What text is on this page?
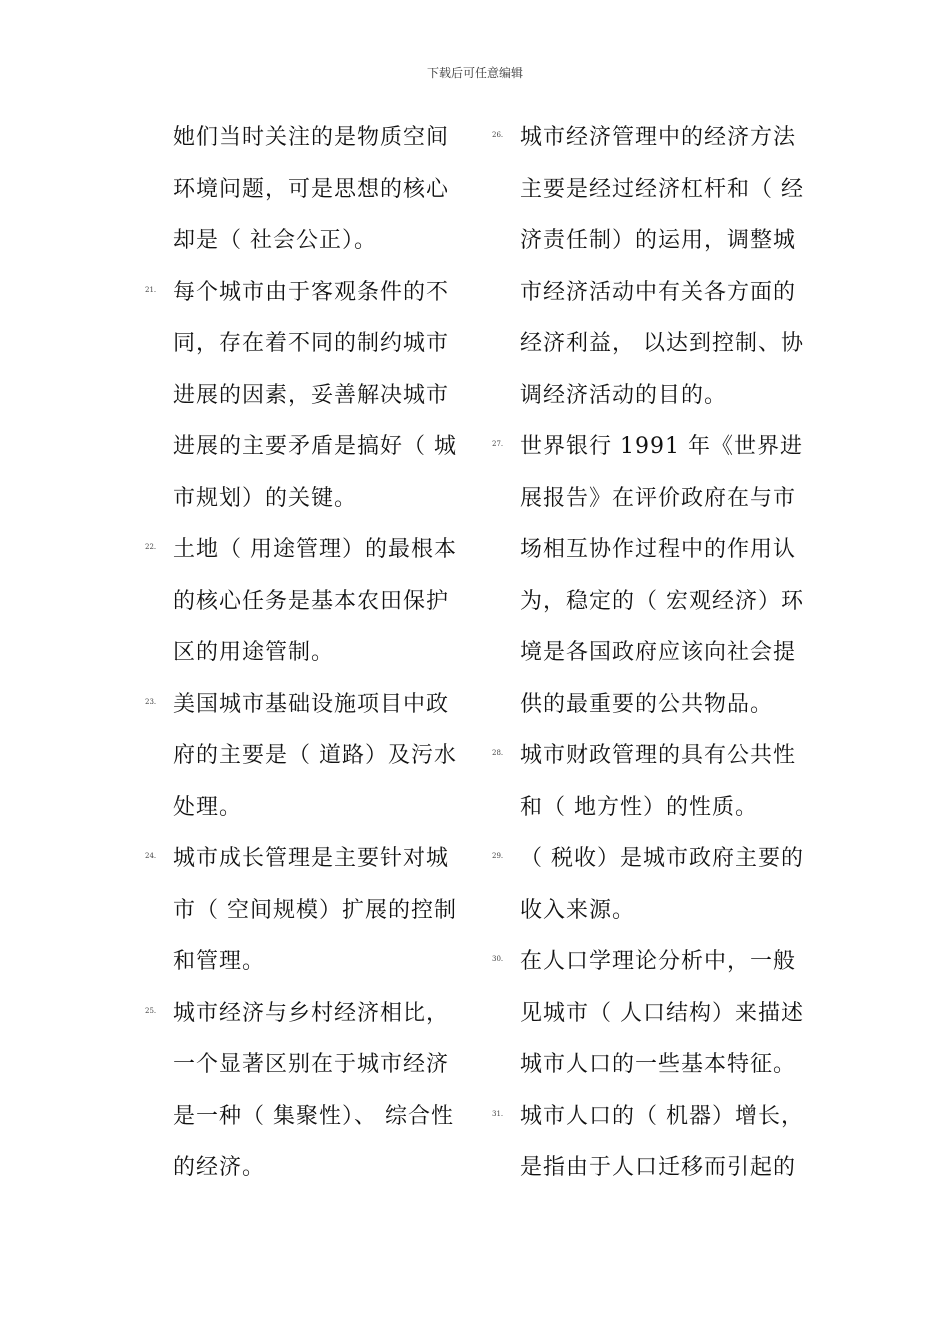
下载后可任意编辑
她们当时关注的是物质空间环境问题，可是思想的核心却是（ 社会公正）。
21. 每个城市由于客观条件的不同，存在着不同的制约城市进展的因素，妥善解决城市进展的主要矛盾是搞好（ 城市规划）的关键。
22. 土地（ 用途管理）的最根本的核心任务是基本农田保护区的用途管制。
23. 美国城市基础设施项目中政府的主要是（ 道路）及污水处理。
24. 城市成长管理是主要针对城市（ 空间规模）扩展的控制和管理。
25. 城市经济与乡村经济相比，一个显著区别在于城市经济是一种（ 集聚性）、 综合性的经济。
26. 城市经济管理中的经济方法主要是经过经济杠杆和（ 经济责任制）的运用，调整城市经济活动中有关各方面的经济利益， 以达到控制、协调经济活动的目的。
27. 世界银行 1991 年《世界进展报告》在评价政府在与市场相互协作过程中的作用认为，稳定的（ 宏观经济）环境是各国政府应该向社会提供的最重要的公共物品。
28. 城市财政管理的具有公共性和（ 地方性）的性质。
29. （ 税收）是城市政府主要的收入来源。
30. 在人口学理论分析中，一般见城市（ 人口结构）来描述城市人口的一些基本特征。
31. 城市人口的（ 机器）增长，是指由于人口迁移而引起的
